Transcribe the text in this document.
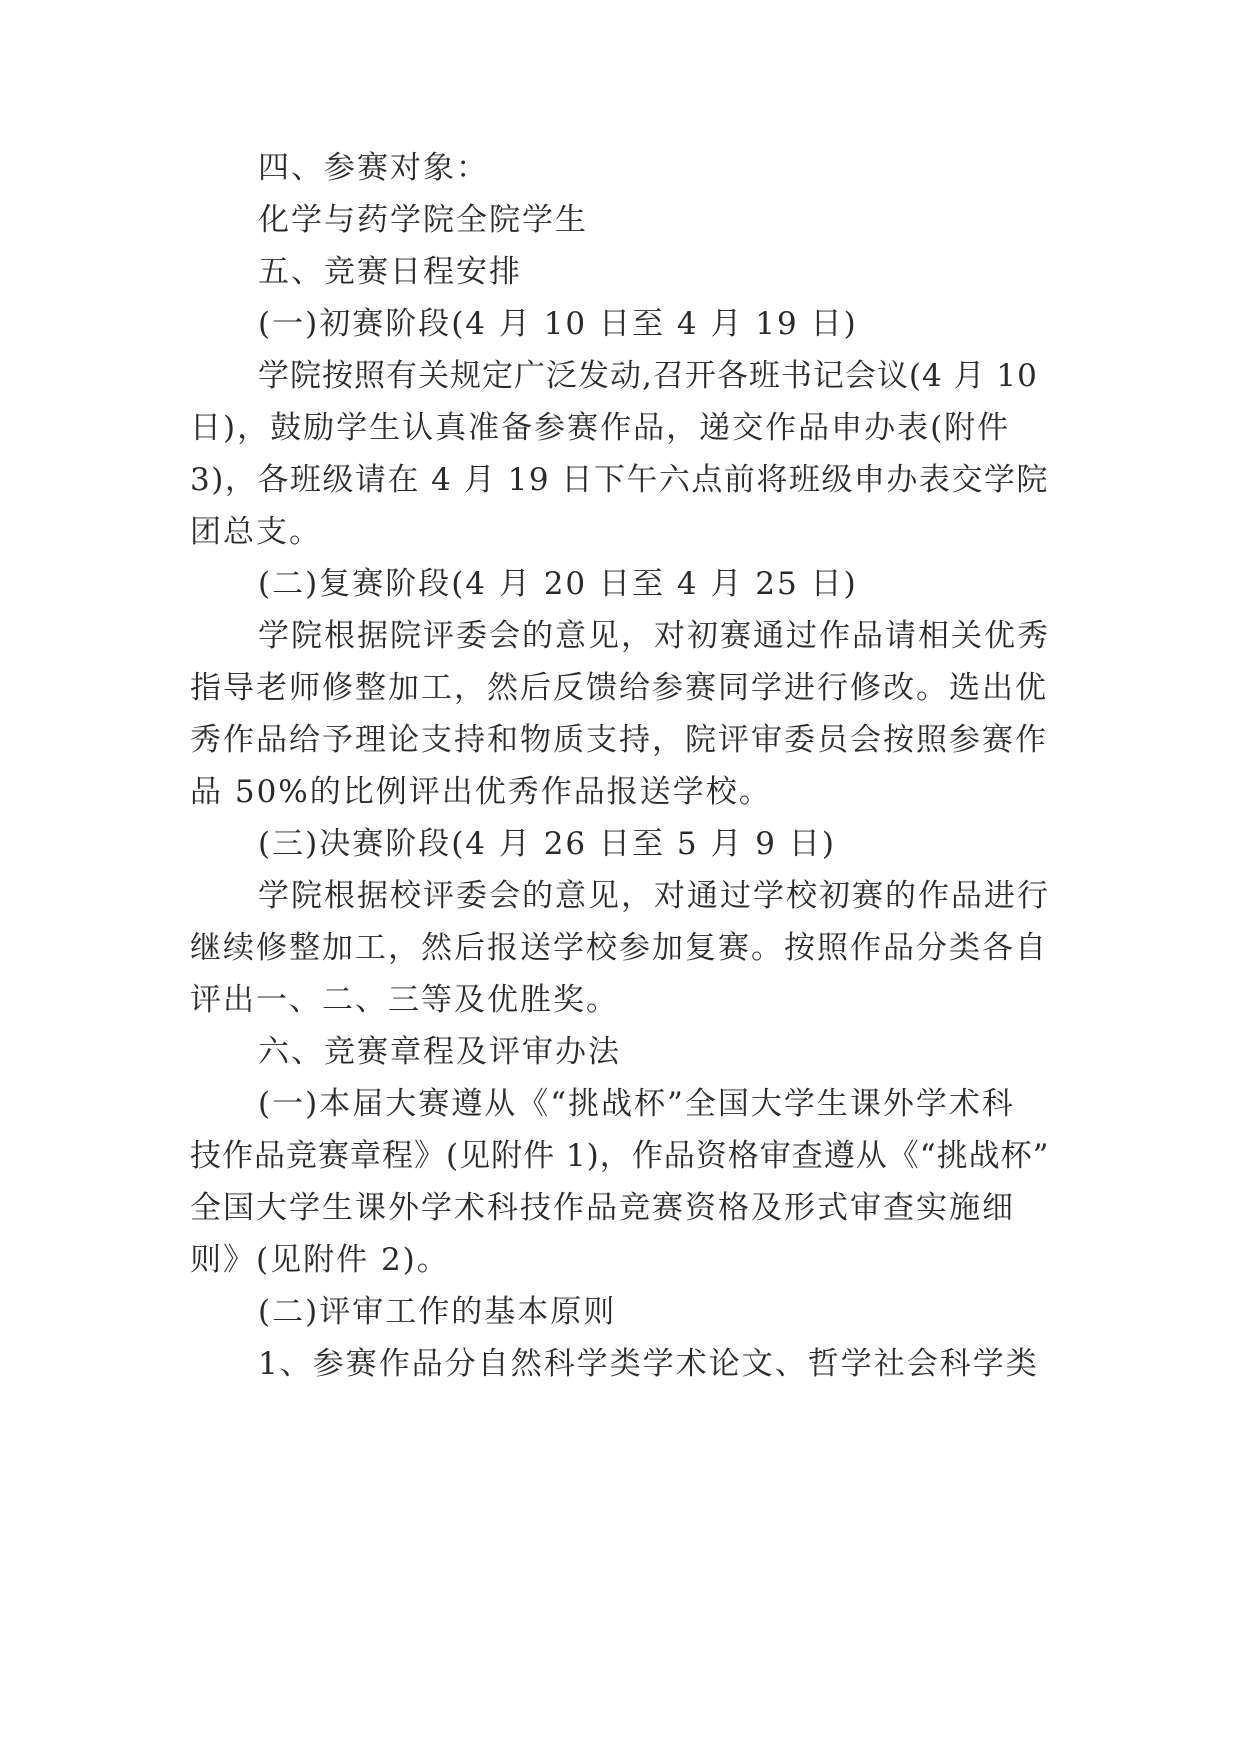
四、参赛对象：
化学与药学院全院学生
五、竞赛日程安排
(一)初赛阶段(4 月 10 日至 4 月 19 日)
学院按照有关规定广泛发动,召开各班书记会议(4 月 10
日)，鼓励学生认真准备参赛作品，递交作品申办表(附件
3)，各班级请在 4 月 19 日下午六点前将班级申办表交学院
团总支。
(二)复赛阶段(4 月 20 日至 4 月 25 日)
学院根据院评委会的意见，对初赛通过作品请相关优秀
指导老师修整加工，然后反馈给参赛同学进行修改。选出优
秀作品给予理论支持和物质支持，院评审委员会按照参赛作
品 50%的比例评出优秀作品报送学校。
(三)决赛阶段(4 月 26 日至 5 月 9 日)
学院根据校评委会的意见，对通过学校初赛的作品进行
继续修整加工，然后报送学校参加复赛。按照作品分类各自
评出一、二、三等及优胜奖。
六、竞赛章程及评审办法
(一)本届大赛遵从《“挑战杯”全国大学生课外学术科
技作品竞赛章程》(见附件 1)，作品资格审查遵从《“挑战杯”
全国大学生课外学术科技作品竞赛资格及形式审查实施细
则》(见附件 2)。
(二)评审工作的基本原则
1、参赛作品分自然科学类学术论文、哲学社会科学类
